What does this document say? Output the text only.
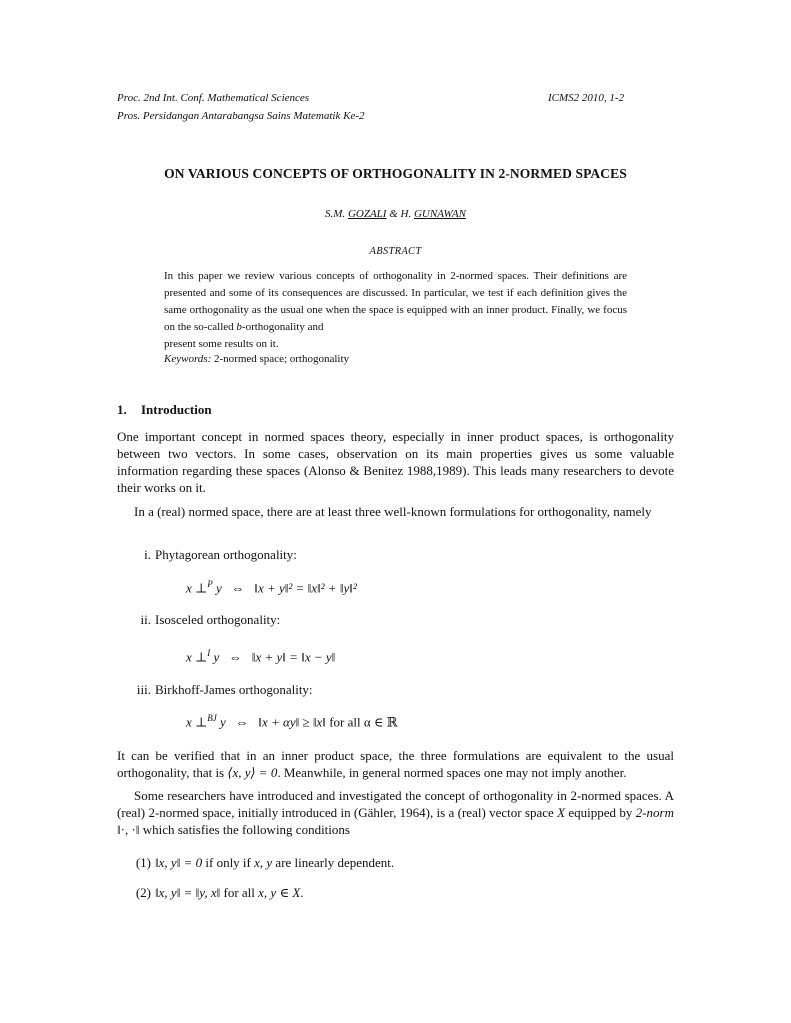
Proc. 2nd Int. Conf. Mathematical Sciences
Pros. Persidangan Antarabangsa Sains Matematik Ke-2
ICMS2 2010, 1-2
ON VARIOUS CONCEPTS OF ORTHOGONALITY IN 2-NORMED SPACES
S.M. GOZALI & H. GUNAWAN
ABSTRACT
In this paper we review various concepts of orthogonality in 2-normed spaces. Their definitions are presented and some of its consequences are discussed. In particular, we test if each definition gives the same orthogonality as the usual one when the space is equipped with an inner product. Finally, we focus on the so-called b-orthogonality and
present some results on it.
Keywords: 2-normed space; orthogonality
1. Introduction
One important concept in normed spaces theory, especially in inner product spaces, is orthogonality between two vectors. In some cases, observation on its main properties gives us some valuable information regarding these spaces (Alonso & Benitez 1988,1989). This leads many researchers to devote their works on it.
In a (real) normed space, there are at least three well-known formulations for orthogonality, namely
i. Phytagorean orthogonality:
x ⊥$^P$ y ⇔ ‖x + y‖² = ‖x‖² + ‖y‖²
ii. Isosceled orthogonality:
x ⊥$^I$ y ⇔ ‖x + y‖ = ‖x − y‖
iii. Birkhoff-James orthogonality:
x ⊥$^{BJ}$ y ⇔ ‖x + αy‖ ≥ ‖x‖ for all α ∈ ℝ
It can be verified that in an inner product space, the three formulations are equivalent to the usual orthogonality, that is ⟨x, y⟩ = 0. Meanwhile, in general normed spaces one may not imply another.
Some researchers have introduced and investigated the concept of orthogonality in 2-normed spaces. A (real) 2-normed space, initially introduced in (Gähler, 1964), is a (real) vector space X equipped by 2-norm ‖·, ·‖ which satisfies the following conditions
(1) ‖x, y‖ = 0 if only if x, y are linearly dependent.
(2) ‖x, y‖ = ‖y, x‖ for all x, y ∈ X.
